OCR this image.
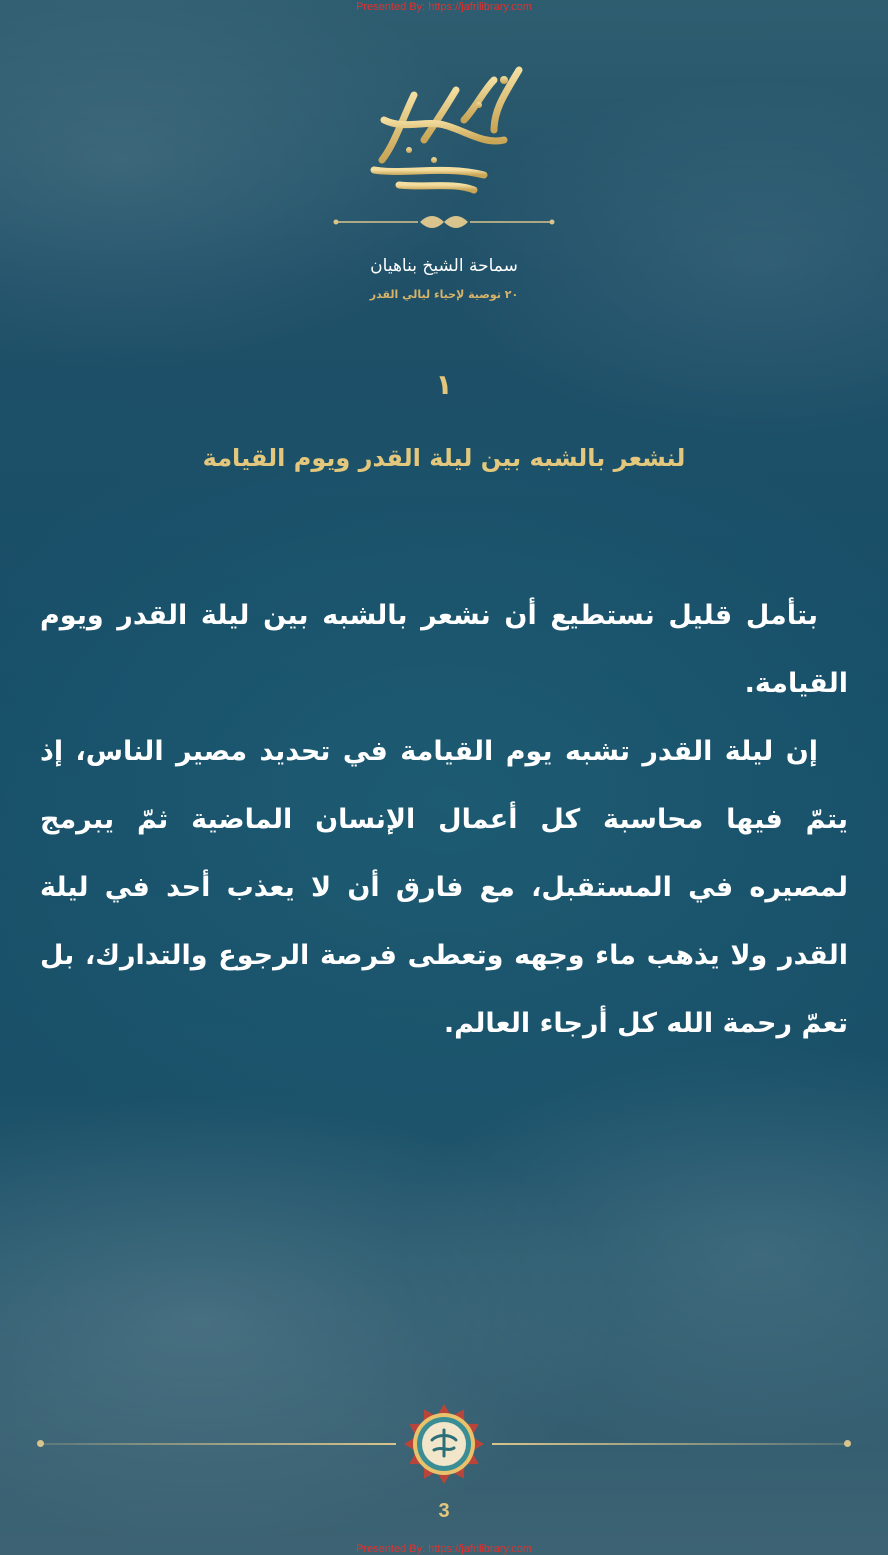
Presented By: https://jafrilibrary.com
سماحة الشيخ بناهيان
٢٠ توصية لإحياء ليالي القدر
١
لنشعر بالشبه بين ليلة القدر ويوم القيامة

بتأمل قليل نستطيع أن نشعر بالشبه بين ليلة القدر ويوم القيامة.

إن ليلة القدر تشبه يوم القيامة في تحديد مصير الناس، إذ يتمّ فيها محاسبة كل أعمال الإنسان الماضية ثمّ يبرمج لمصيره في المستقبل، مع فارق أن لا يعذب أحد في ليلة القدر ولا يذهب ماء وجهه وتعطى فرصة الرجوع والتدارك، بل تعمّ رحمة الله كل أرجاء العالم.

3
Presented By: https://jafrilibrary.com
